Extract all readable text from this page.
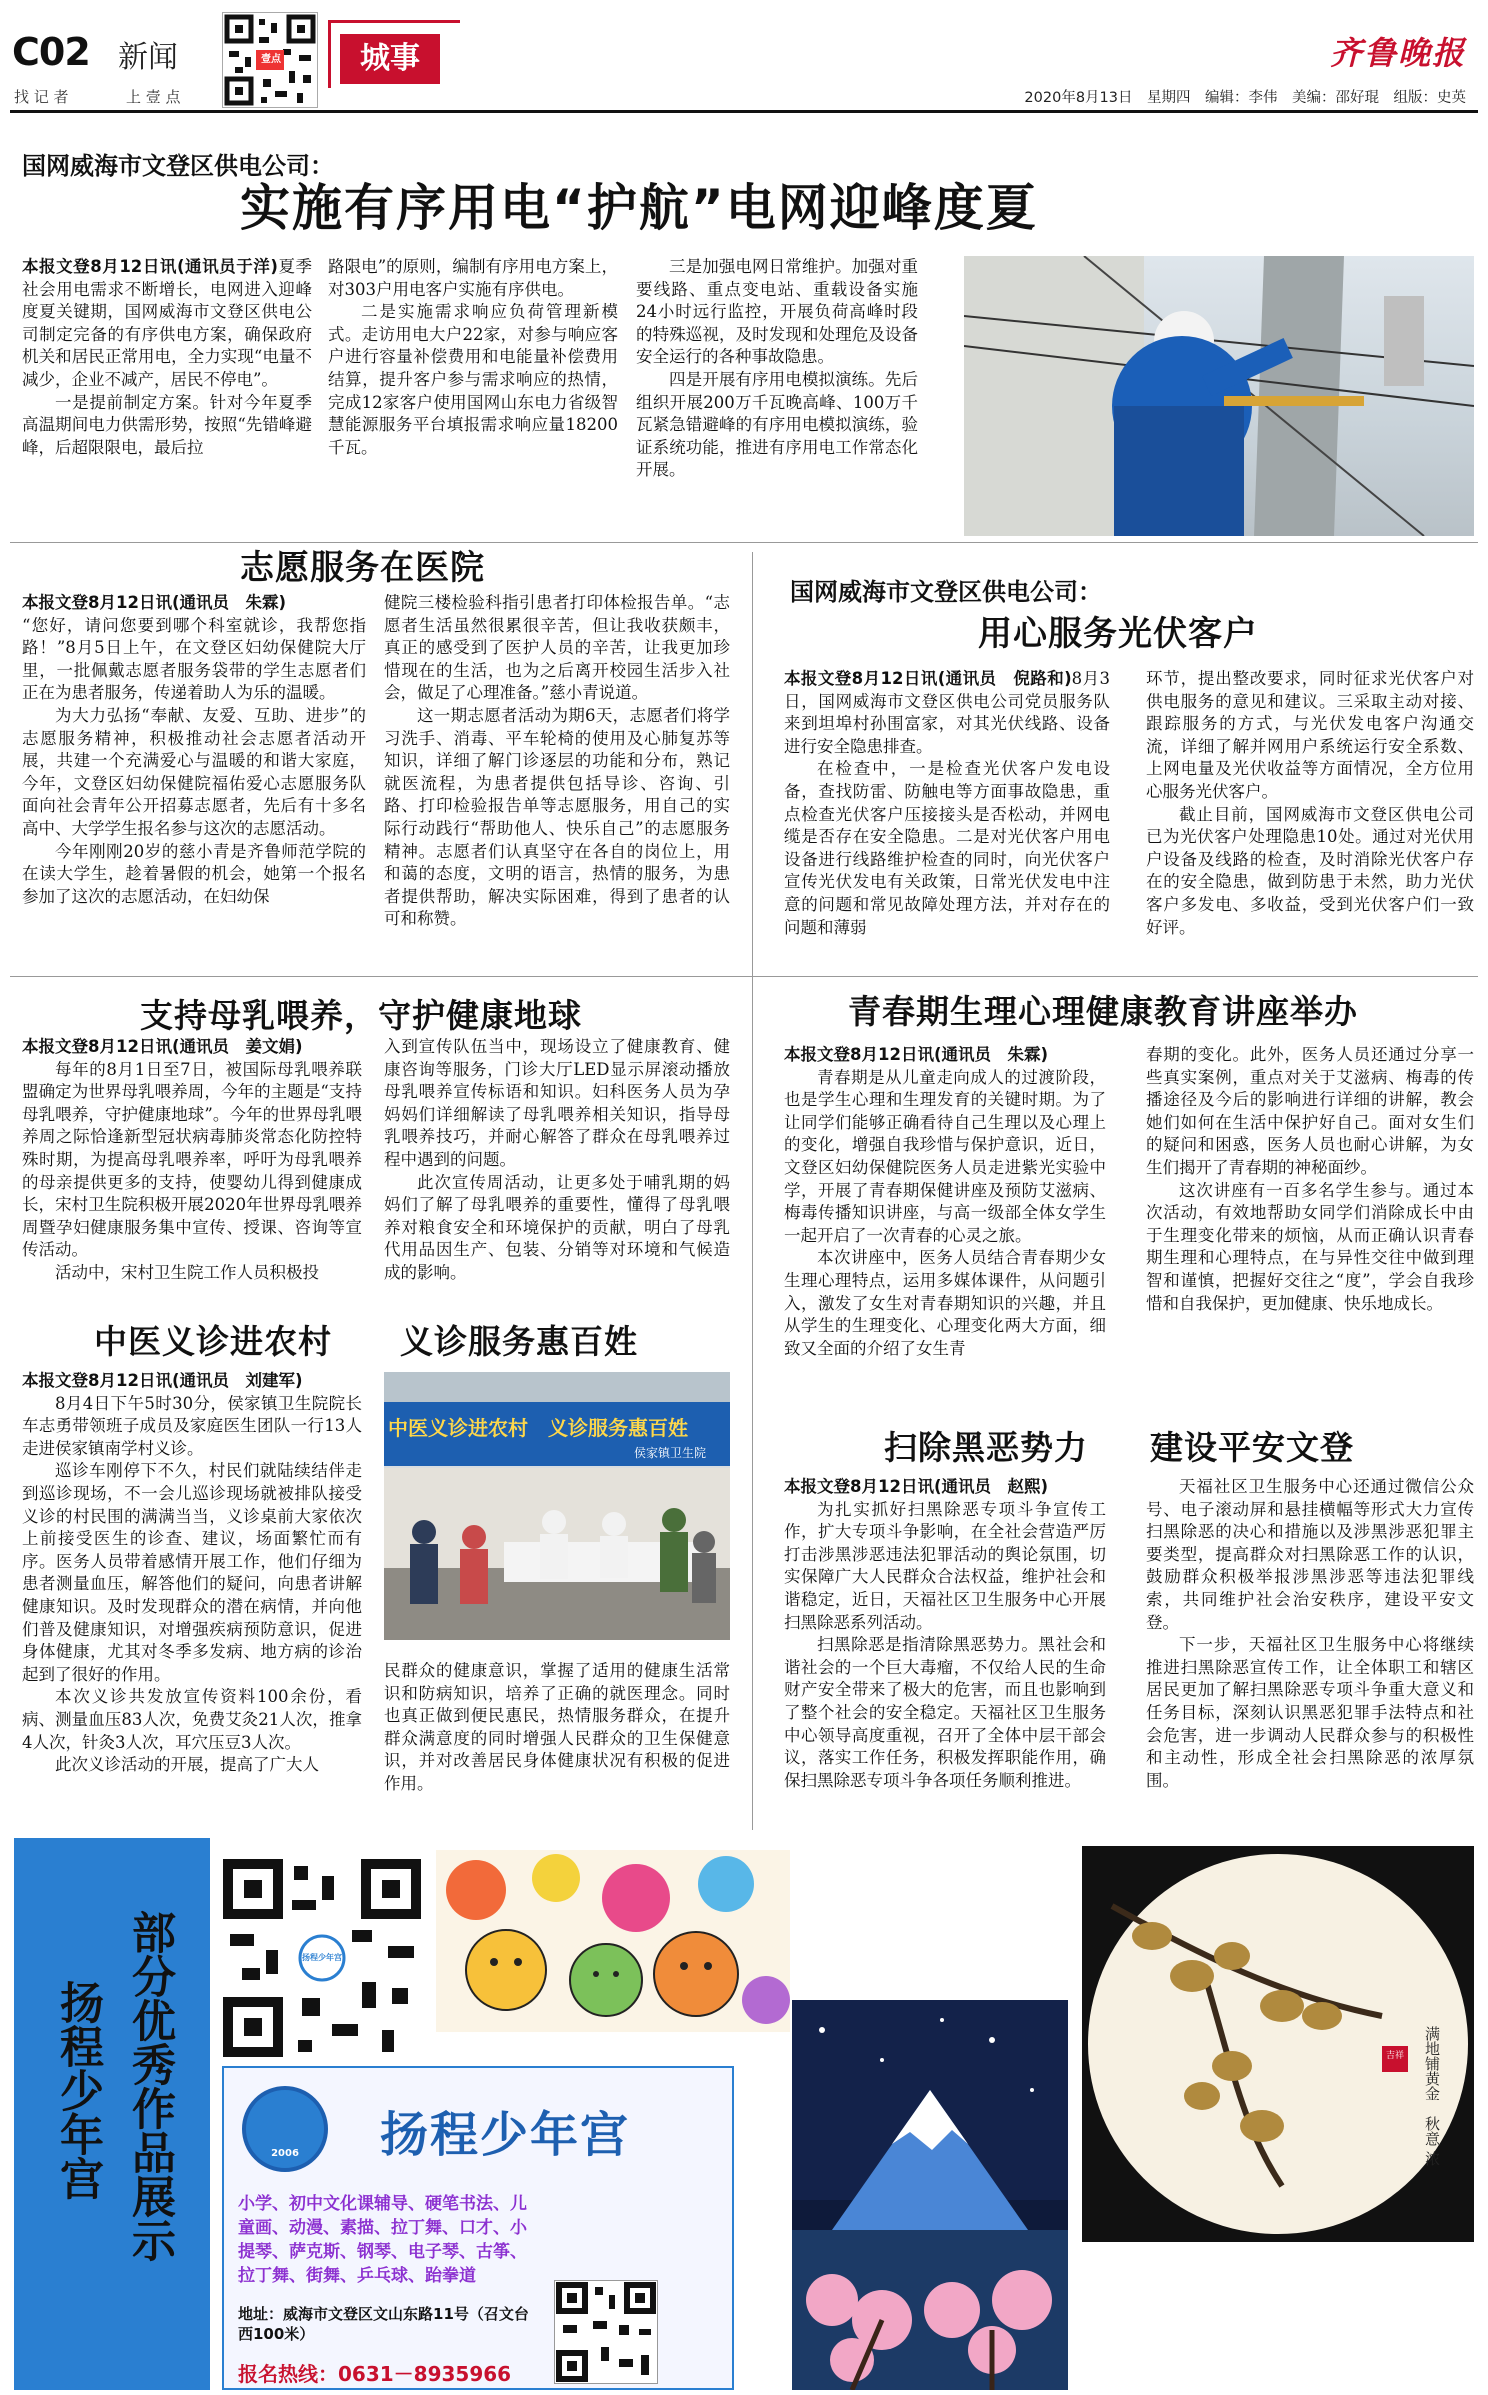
C02 新闻
找 记 者	上 壹 点
壹点	城事	齐鲁晚报
2020年8月13日　星期四　编辑：李伟　美编：邵好琨　组版：史英
国网威海市文登区供电公司：
实施有序用电“护航”电网迎峰度夏

本报文登8月12日讯(通讯员于洋)夏季社会用电需求不断增长，电网进入迎峰度夏关键期，国网威海市文登区供电公司制定完备的有序供电方案，确保政府机关和居民正常用电，全力实现“电量不减少，企业不减产，居民不停电”。

一是提前制定方案。针对今年夏季高温期间电力供需形势，按照“先错峰避峰，后超限限电，最后拉

路限电”的原则，编制有序用电方案上，对303户用电客户实施有序供电。

二是实施需求响应负荷管理新模式。走访用电大户22家，对参与响应客户进行容量补偿费用和电能量补偿费用结算，提升客户参与需求响应的热情，完成12家客户使用国网山东电力省级智慧能源服务平台填报需求响应量18200千瓦。

三是加强电网日常维护。加强对重要线路、重点变电站、重载设备实施24小时远行监控，开展负荷高峰时段的特殊巡视，及时发现和处理危及设备安全运行的各种事故隐患。

四是开展有序用电模拟演练。先后组织开展200万千瓦晚高峰、100万千瓦紧急错避峰的有序用电模拟演练，验证系统功能，推进有序用电工作常态化开展。

志愿服务在医院

本报文登8月12日讯(通讯员　朱霖)

“您好，请问您要到哪个科室就诊，我帮您指路！”8月5日上午，在文登区妇幼保健院大厅里，一批佩戴志愿者服务袋带的学生志愿者们正在为患者服务，传递着助人为乐的温暖。

为大力弘扬“奉献、友爱、互助、进步”的志愿服务精神，积极推动社会志愿者活动开展，共建一个充满爱心与温暖的和谐大家庭，今年，文登区妇幼保健院福佑爱心志愿服务队面向社会青年公开招募志愿者，先后有十多名高中、大学学生报名参与这次的志愿活动。

今年刚刚20岁的慈小青是齐鲁师范学院的在读大学生，趁着暑假的机会，她第一个报名参加了这次的志愿活动，在妇幼保

健院三楼检验科指引患者打印体检报告单。“志愿者生活虽然很累很辛苦，但让我收获颇丰，真正的感受到了医护人员的辛苦，让我更加珍惜现在的生活，也为之后离开校园生活步入社会，做足了心理准备。”慈小青说道。

这一期志愿者活动为期6天，志愿者们将学习洗手、消毒、平车轮椅的使用及心肺复苏等知识，详细了解门诊逐层的功能和分布，熟记就医流程，为患者提供包括导诊、咨询、引路、打印检验报告单等志愿服务，用自己的实际行动践行“帮助他人、快乐自己”的志愿服务精神。志愿者们认真坚守在各自的岗位上，用和蔼的态度，文明的语言，热情的服务，为患者提供帮助，解决实际困难，得到了患者的认可和称赞。

国网威海市文登区供电公司：
用心服务光伏客户

本报文登8月12日讯(通讯员　倪路和)8月3日，国网威海市文登区供电公司党员服务队来到坦埠村孙围富家，对其光伏线路、设备进行安全隐患排查。

在检查中，一是检查光伏客户发电设备，查找防雷、防触电等方面事故隐患，重点检查光伏客户压接接头是否松动，并网电缆是否存在安全隐患。二是对光伏客户用电设备进行线路维护检查的同时，向光伏客户宣传光伏发电有关政策，日常光伏发电中注意的问题和常见故障处理方法，并对存在的问题和薄弱

环节，提出整改要求，同时征求光伏客户对供电服务的意见和建议。三采取主动对接、跟踪服务的方式，与光伏发电客户沟通交流，详细了解并网用户系统运行安全系数、上网电量及光伏收益等方面情况，全方位用心服务光伏客户。

截止目前，国网威海市文登区供电公司已为光伏客户处理隐患10处。通过对光伏用户设备及线路的检查，及时消除光伏客户存在的安全隐患，做到防患于未然，助力光伏客户多发电、多收益，受到光伏客户们一致好评。

支持母乳喂养，守护健康地球

本报文登8月12日讯(通讯员　姜文娟)

每年的8月1日至7日，被国际母乳喂养联盟确定为世界母乳喂养周，今年的主题是“支持母乳喂养，守护健康地球”。今年的世界母乳喂养周之际恰逢新型冠状病毒肺炎常态化防控特殊时期，为提高母乳喂养率，呼吁为母乳喂养的母亲提供更多的支持，使婴幼儿得到健康成长，宋村卫生院积极开展2020年世界母乳喂养周暨孕妇健康服务集中宣传、授课、咨询等宣传活动。

活动中，宋村卫生院工作人员积极投

入到宣传队伍当中，现场设立了健康教育、健康咨询等服务，门诊大厅LED显示屏滚动播放母乳喂养宣传标语和知识。妇科医务人员为孕妈妈们详细解读了母乳喂养相关知识，指导母乳喂养技巧，并耐心解答了群众在母乳喂养过程中遇到的问题。

此次宣传周活动，让更多处于哺乳期的妈妈们了解了母乳喂养的重要性，懂得了母乳喂养对粮食安全和环境保护的贡献，明白了母乳代用品因生产、包装、分销等对环境和气候造成的影响。

青春期生理心理健康教育讲座举办

本报文登8月12日讯(通讯员　朱霖)

青春期是从儿童走向成人的过渡阶段，也是学生心理和生理发育的关键时期。为了让同学们能够正确看待自己生理以及心理上的变化，增强自我珍惜与保护意识，近日，文登区妇幼保健院医务人员走进紫光实验中学，开展了青春期保健讲座及预防艾滋病、梅毒传播知识讲座，与高一级部全体女学生一起开启了一次青春的心灵之旅。

本次讲座中，医务人员结合青春期少女生理心理特点，运用多媒体课件，从问题引入，激发了女生对青春期知识的兴趣，并且从学生的生理变化、心理变化两大方面，细致又全面的介绍了女生青

春期的变化。此外，医务人员还通过分享一些真实案例，重点对关于艾滋病、梅毒的传播途径及今后的影响进行详细的讲解，教会她们如何在生活中保护好自己。面对女生们的疑问和困惑，医务人员也耐心讲解，为女生们揭开了青春期的神秘面纱。

这次讲座有一百多名学生参与。通过本次活动，有效地帮助女同学们消除成长中由于生理变化带来的烦恼，从而正确认识青春期生理和心理特点，在与异性交往中做到理智和谨慎，把握好交往之“度”，学会自我珍惜和自我保护，更加健康、快乐地成长。

中医义诊进农村 义诊服务惠百姓

本报文登8月12日讯(通讯员　刘建军)

8月4日下午5时30分，侯家镇卫生院院长车志勇带领班子成员及家庭医生团队一行13人走进侯家镇南学村义诊。

巡诊车刚停下不久，村民们就陆续结伴走到巡诊现场，不一会儿巡诊现场就被排队接受义诊的村民围的满满当当，义诊桌前大家依次上前接受医生的诊查、建议，场面繁忙而有序。医务人员带着感情开展工作，他们仔细为患者测量血压，解答他们的疑问，向患者讲解健康知识。及时发现群众的潜在病情，并向他们普及健康知识，对增强疾病预防意识，促进身体健康，尤其对冬季多发病、地方病的诊治起到了很好的作用。

本次义诊共发放宣传资料100余份，看病、测量血压83人次，免费艾灸21人次，推拿4人次，针灸3人次，耳穴压豆3人次。

此次义诊活动的开展，提高了广大人

中医义诊进农村　义诊服务惠百姓
侯家镇卫生院

民群众的健康意识，掌握了适用的健康生活常识和防病知识，培养了正确的就医理念。同时也真正做到便民惠民，热情服务群众，在提升群众满意度的同时增强人民群众的卫生保健意识，并对改善居民身体健康状况有积极的促进作用。

扫除黑恶势力 建设平安文登

本报文登8月12日讯(通讯员　赵熙)

为扎实抓好扫黑除恶专项斗争宣传工作，扩大专项斗争影响，在全社会营造严厉打击涉黑涉恶违法犯罪活动的舆论氛围，切实保障广大人民群众合法权益，维护社会和谐稳定，近日，天福社区卫生服务中心开展扫黑除恶系列活动。

扫黑除恶是指清除黑恶势力。黑社会和谐社会的一个巨大毒瘤，不仅给人民的生命财产安全带来了极大的危害，而且也影响到了整个社会的安全稳定。天福社区卫生服务中心领导高度重视，召开了全体中层干部会议，落实工作任务，积极发挥职能作用，确保扫黑除恶专项斗争各项任务顺利推进。

天福社区卫生服务中心还通过微信公众号、电子滚动屏和悬挂横幅等形式大力宣传扫黑除恶的决心和措施以及涉黑涉恶犯罪主要类型，提高群众对扫黑除恶工作的认识，鼓励群众积极举报涉黑涉恶等违法犯罪线索，共同维护社会治安秩序，建设平安文登。

下一步，天福社区卫生服务中心将继续推进扫黑除恶宣传工作，让全体职工和辖区居民更加了解扫黑除恶专项斗争重大意义和任务目标，深刻认识黑恶犯罪手法特点和社会危害，进一步调动人民群众参与的积极性和主动性，形成全社会扫黑除恶的浓厚氛围。

部分优秀作品展示
扬程少年宫
扬程少年宫
吉祥 满地铺黄金　秋意 浓
2006	扬程少年宫
小学、初中文化课辅导、硬笔书法、儿童画、动漫、素描、拉丁舞、口才、小提琴、萨克斯、钢琴、电子琴、古筝、拉丁舞、街舞、乒乓球、跆拳道
地址：威海市文登区文山东路11号（召文台西100米）
报名热线：0631－8935966
